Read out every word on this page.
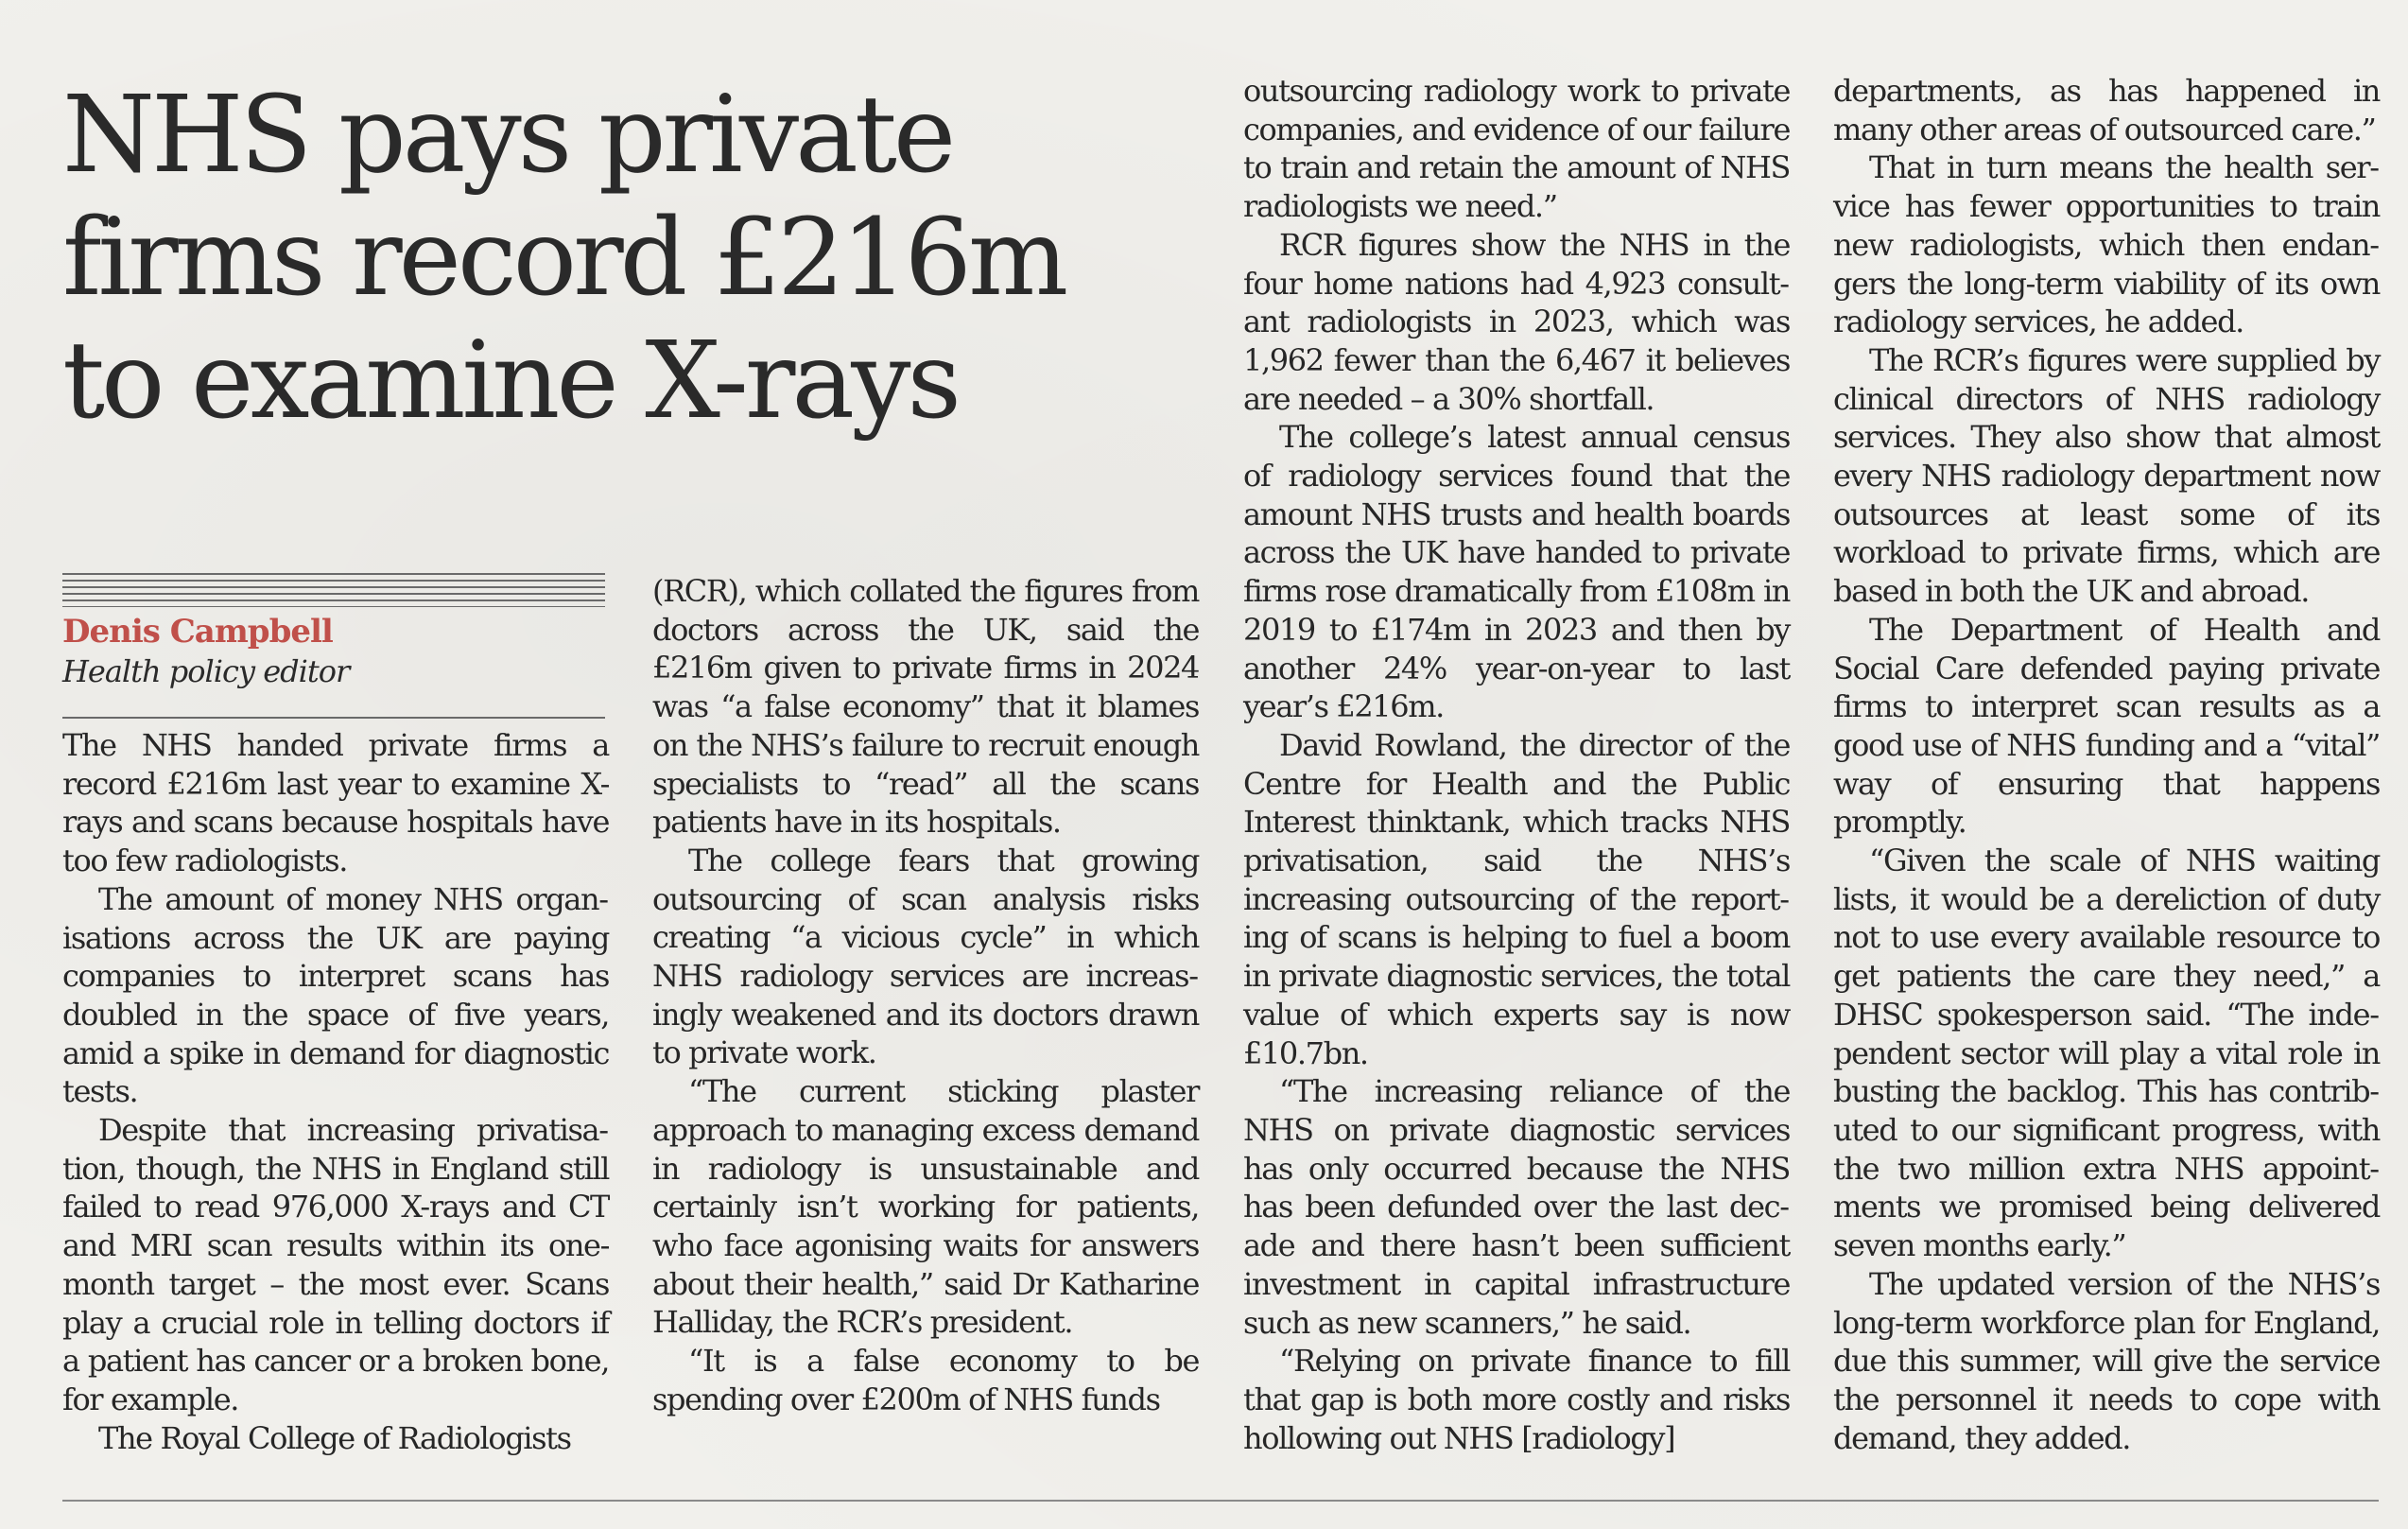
NHS pays private
firms record £216m
to examine X-rays
Denis Campbell
Health policy editor

The NHS handed private firms a record £216m last year to examine X-rays and scans because hospitals have too few radiologists.

The amount of money NHS organisations across the UK are paying companies to interpret scans has doubled in the space of five years, amid a spike in demand for diagnostic tests.

Despite that increasing privatisation, though, the NHS in England still failed to read 976,000 X-rays and CT and MRI scan results within its one-month target – the most ever. Scans play a crucial role in telling doctors if a patient has cancer or a broken bone, for example.

The Royal College of Radiologists

(RCR), which collated the figures from doctors across the UK, said the £216m given to private firms in 2024 was “a false economy” that it blames on the NHS’s failure to recruit enough specialists to “read” all the scans patients have in its hospitals.

The college fears that growing outsourcing of scan analysis risks creating “a vicious cycle” in which NHS radiology services are increasingly weakened and its doctors drawn to private work.

“The current sticking plaster approach to managing excess demand in radiology is unsustainable and certainly isn’t working for patients, who face agonising waits for answers about their health,” said Dr Katharine Halliday, the RCR’s president.

“It is a false economy to be spending over £200m of NHS funds

outsourcing radiology work to private companies, and evidence of our failure to train and retain the amount of NHS radiologists we need.”

RCR figures show the NHS in the four home nations had 4,923 consultant radiologists in 2023, which was 1,962 fewer than the 6,467 it believes are needed – a 30% shortfall.

The college’s latest annual census of radiology services found that the amount NHS trusts and health boards across the UK have handed to private firms rose dramatically from £108m in 2019 to £174m in 2023 and then by another 24% year-on-year to last year’s £216m.

David Rowland, the director of the Centre for Health and the Public Interest thinktank, which tracks NHS privatisation, said the NHS’s increasing outsourcing of the reporting of scans is helping to fuel a boom in private diagnostic services, the total value of which experts say is now £10.7bn.

“The increasing reliance of the NHS on private diagnostic services has only occurred because the NHS has been defunded over the last decade and there hasn’t been sufficient investment in capital infrastructure such as new scanners,” he said.

“Relying on private finance to fill that gap is both more costly and risks hollowing out NHS [radiology]

departments, as has happened in many other areas of outsourced care.”

That in turn means the health service has fewer opportunities to train new radiologists, which then endangers the long-term viability of its own radiology services, he added.

The RCR’s figures were supplied by clinical directors of NHS radiology services. They also show that almost every NHS radiology department now outsources at least some of its workload to private firms, which are based in both the UK and abroad.

The Department of Health and Social Care defended paying private firms to interpret scan results as a good use of NHS funding and a “vital” way of ensuring that happens promptly.

“Given the scale of NHS waiting lists, it would be a dereliction of duty not to use every available resource to get patients the care they need,” a DHSC spokesperson said. “The independent sector will play a vital role in busting the backlog. This has contributed to our significant progress, with the two million extra NHS appointments we promised being delivered seven months early.”

The updated version of the NHS’s long-term workforce plan for England, due this summer, will give the service the personnel it needs to cope with demand, they added.
